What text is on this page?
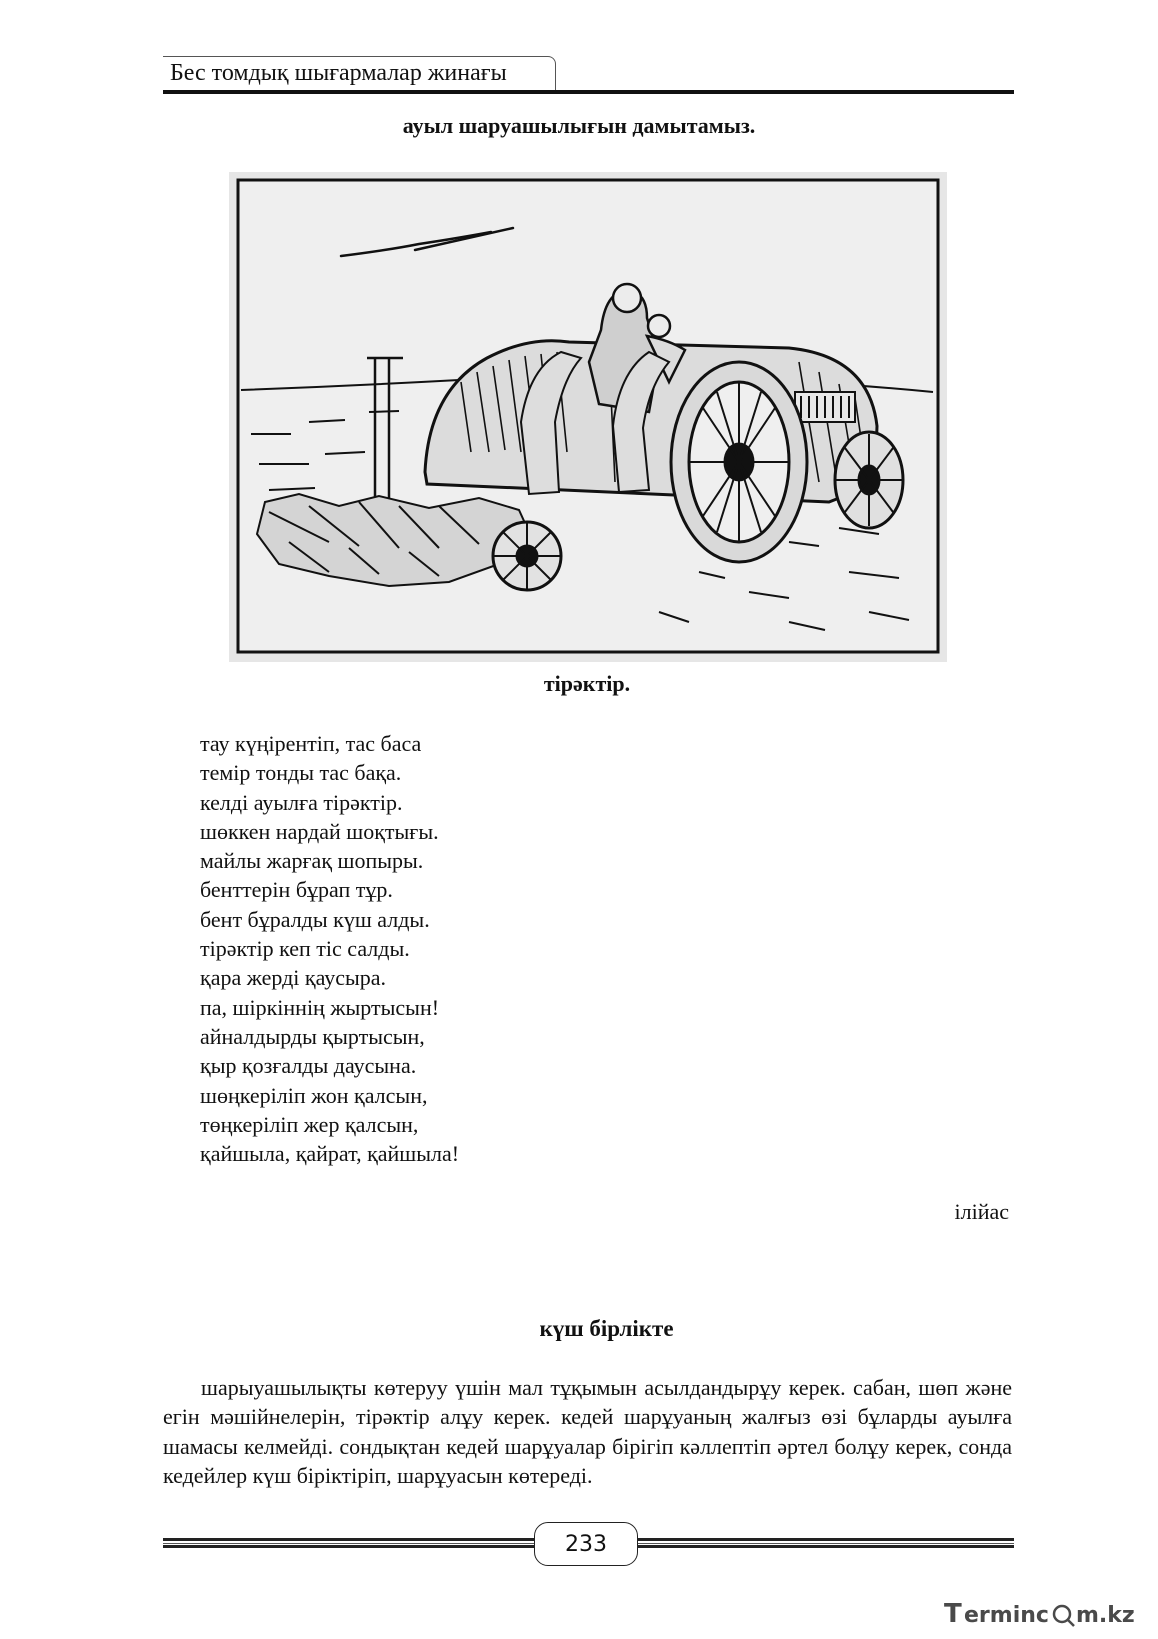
Бес томдық шығармалар жинағы
ауыл шаруашылығын дамытамыз.
тірәктір.
тау күңірентіп, тас баса
темір тонды тас бақа.
келді ауылға тірәктір.
шөккен нардай шоқтығы.
майлы жарғақ шопыры.
бенттерін бұрап тұр.
бент бұралды күш алды.
тірәктір кеп тіс салды.
қара жерді қаусыра.
па, шіркіннің жыртысын!
айналдырды қыртысын,
қыр қозғалды даусына.
шөңкеріліп жон қалсын,
төңкеріліп жер қалсын,
қайшыла, қайрат, қайшыла!
ілійас
күш бірлікте

шарыуашылықты көтеруу үшін мал тұқымын асылдандырұу керек. сабан, шөп және егін мәшійнелерін, тірәктір алұу керек. кедей шарұуаның жалғыз өзі бұларды ауылға шамасы келмейді. сондықтан кедей шарұуалар бірігіп кәллептіп әртел болұу керек, сонда кедейлер күш біріктіріп, шарұуасын көтереді.

233
T erminc m.kz
